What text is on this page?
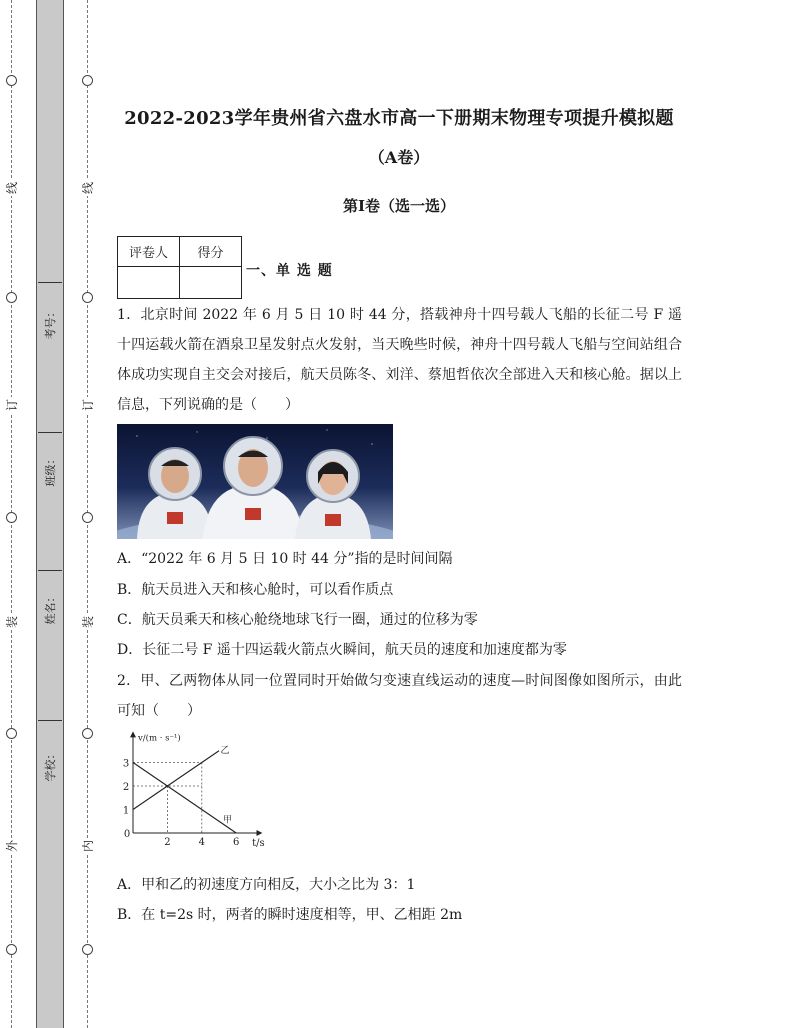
线
订
装
外
线
订
装
内
考号：
班级：
姓名：
学校：
2022-2023学年贵州省六盘水市高一下册期末物理专项提升模拟题
（A卷）
第I卷（选一选）
评卷人	得分

一、单 选 题
1．北京时间 2022 年 6 月 5 日 10 时 44 分，搭载神舟十四号载人飞船的长征二号 F 遥十四运载火箭在酒泉卫星发射点火发射，当天晚些时候，神舟十四号载人飞船与空间站组合体成功实现自主交会对接后，航天员陈冬、刘洋、蔡旭哲依次全部进入天和核心舱。据以上信息，下列说确的是（　　）
A．“2022 年 6 月 5 日 10 时 44 分”指的是时间间隔
B．航天员进入天和核心舱时，可以看作质点
C．航天员乘天和核心舱绕地球飞行一圈，通过的位移为零
D．长征二号 F 遥十四运载火箭点火瞬间，航天员的速度和加速度都为零
2．甲、乙两物体从同一位置同时开始做匀变速直线运动的速度—时间图像如图所示，由此可知（　　）
0
2	4	6
1
2
3
v/(m · s⁻¹)
t/s
乙
甲
A．甲和乙的初速度方向相反，大小之比为 3：1
B．在 t=2s 时，两者的瞬时速度相等，甲、乙相距 2m
